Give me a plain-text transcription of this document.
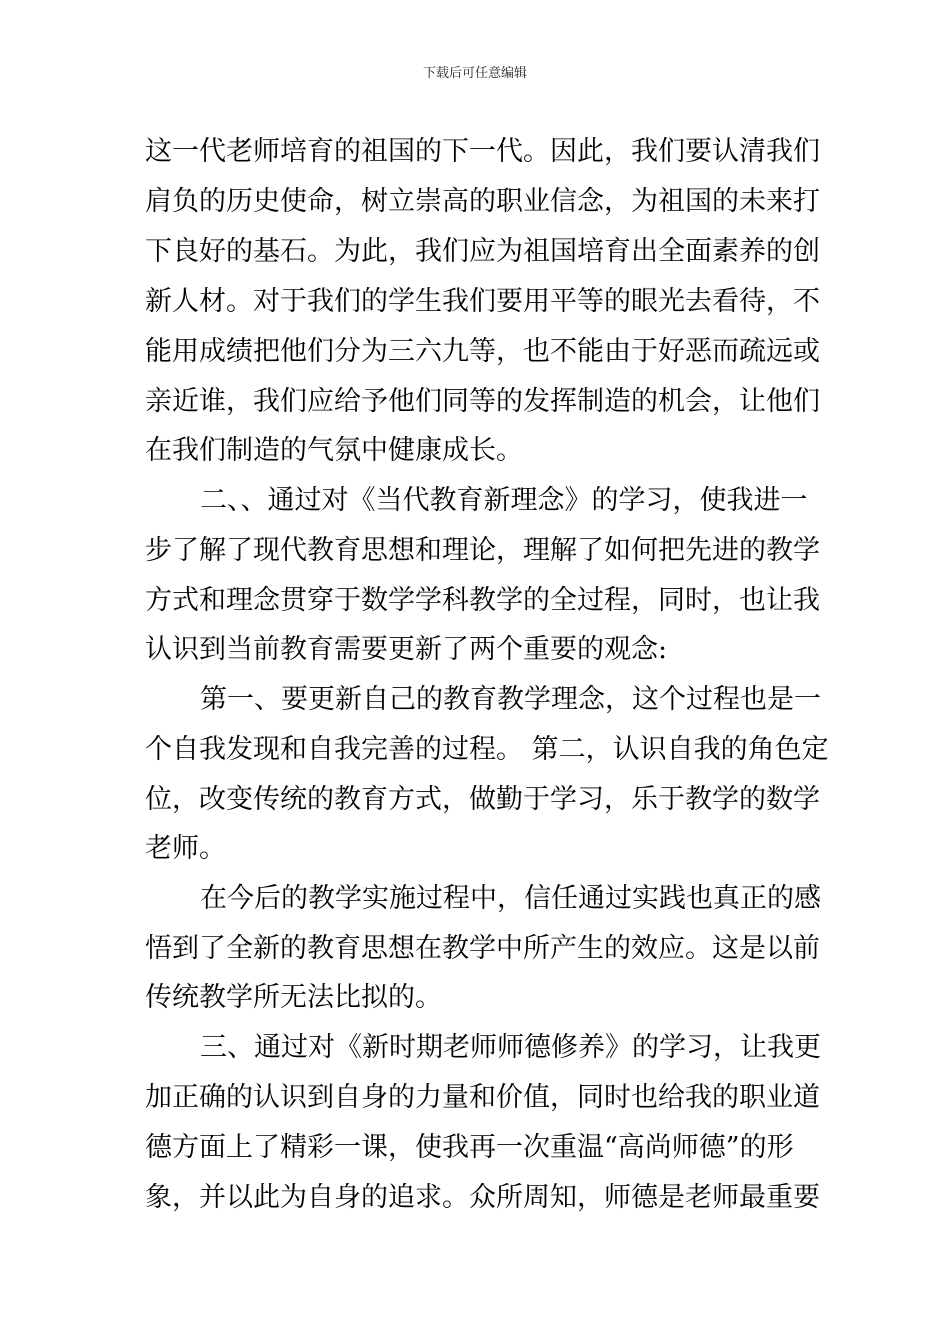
下载后可任意编辑
这一代老师培育的祖国的下一代。因此，我们要认清我们
肩负的历史使命，树立崇高的职业信念，为祖国的未来打
下良好的基石。为此，我们应为祖国培育出全面素养的创
新人材。对于我们的学生我们要用平等的眼光去看待，不
能用成绩把他们分为三六九等，也不能由于好恶而疏远或
亲近谁，我们应给予他们同等的发挥制造的机会，让他们
在我们制造的气氛中健康成长。
二、、通过对《当代教育新理念》的学习，使我进一
步了解了现代教育思想和理论，理解了如何把先进的教学
方式和理念贯穿于数学学科教学的全过程，同时，也让我
认识到当前教育需要更新了两个重要的观念:
第一、要更新自己的教育教学理念，这个过程也是一
个自我发现和自我完善的过程。 第二，认识自我的角色定
位，改变传统的教育方式，做勤于学习，乐于教学的数学
老师。
在今后的教学实施过程中，信任通过实践也真正的感
悟到了全新的教育思想在教学中所产生的效应。这是以前
传统教学所无法比拟的。
三、通过对《新时期老师师德修养》的学习，让我更
加正确的认识到自身的力量和价值，同时也给我的职业道
德方面上了精彩一课，使我再一次重温“高尚师德”的形
象，并以此为自身的追求。众所周知，师德是老师最重要
